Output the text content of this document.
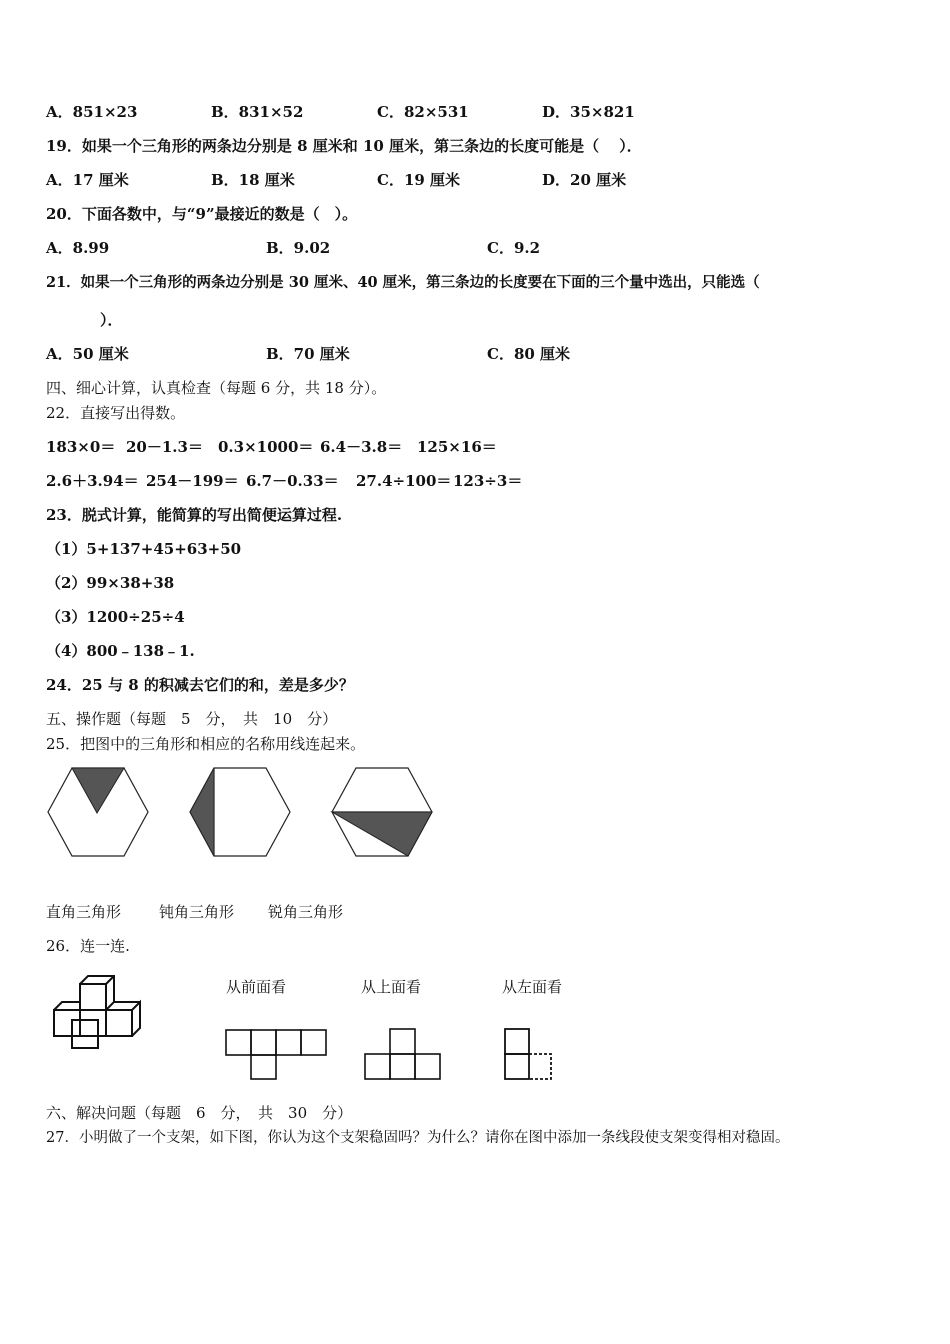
A．851×23	B．831×52	C．82×531	D．35×821
19．如果一个三角形的两条边分别是 8 厘米和 10 厘米，第三条边的长度可能是（　 ）．
A．17 厘米	B．18 厘米	C．19 厘米	D．20 厘米
20．下面各数中，与“9”最接近的数是（　）。
A．8.99	B．9.02	C．9.2
21．如果一个三角形的两条边分别是 30 厘米、40 厘米，第三条边的长度要在下面的三个量中选出，只能选（
）．
A．50 厘米	B．70 厘米	C．80 厘米
四、细心计算，认真检查（每题 6 分，共 18 分）。
22．直接写出得数。
183×0＝ 20－1.3＝ 0.3×1000＝ 6.4－3.8＝ 125×16＝
2.6＋3.94＝ 254－199＝ 6.7－0.33＝ 27.4÷100＝ 123÷3＝
23．脱式计算，能简算的写出简便运算过程.
（1）5+137+45+63+50
（2）99×38+38
（3）1200÷25÷4
（4）800﹣138﹣1.
24．25 与 8 的积减去它们的和，差是多少？
五、操作题（每题　5　分，　共　10　分）
25．把图中的三角形和相应的名称用线连起来。
直角三角形	钝角三角形 锐角三角形
26．连一连.
从前面看	从上面看	从左面看
六、解决问题（每题　6　分，　共　30　分）
27．小明做了一个支架，如下图，你认为这个支架稳固吗？为什么？请你在图中添加一条线段使支架变得相对稳固。
